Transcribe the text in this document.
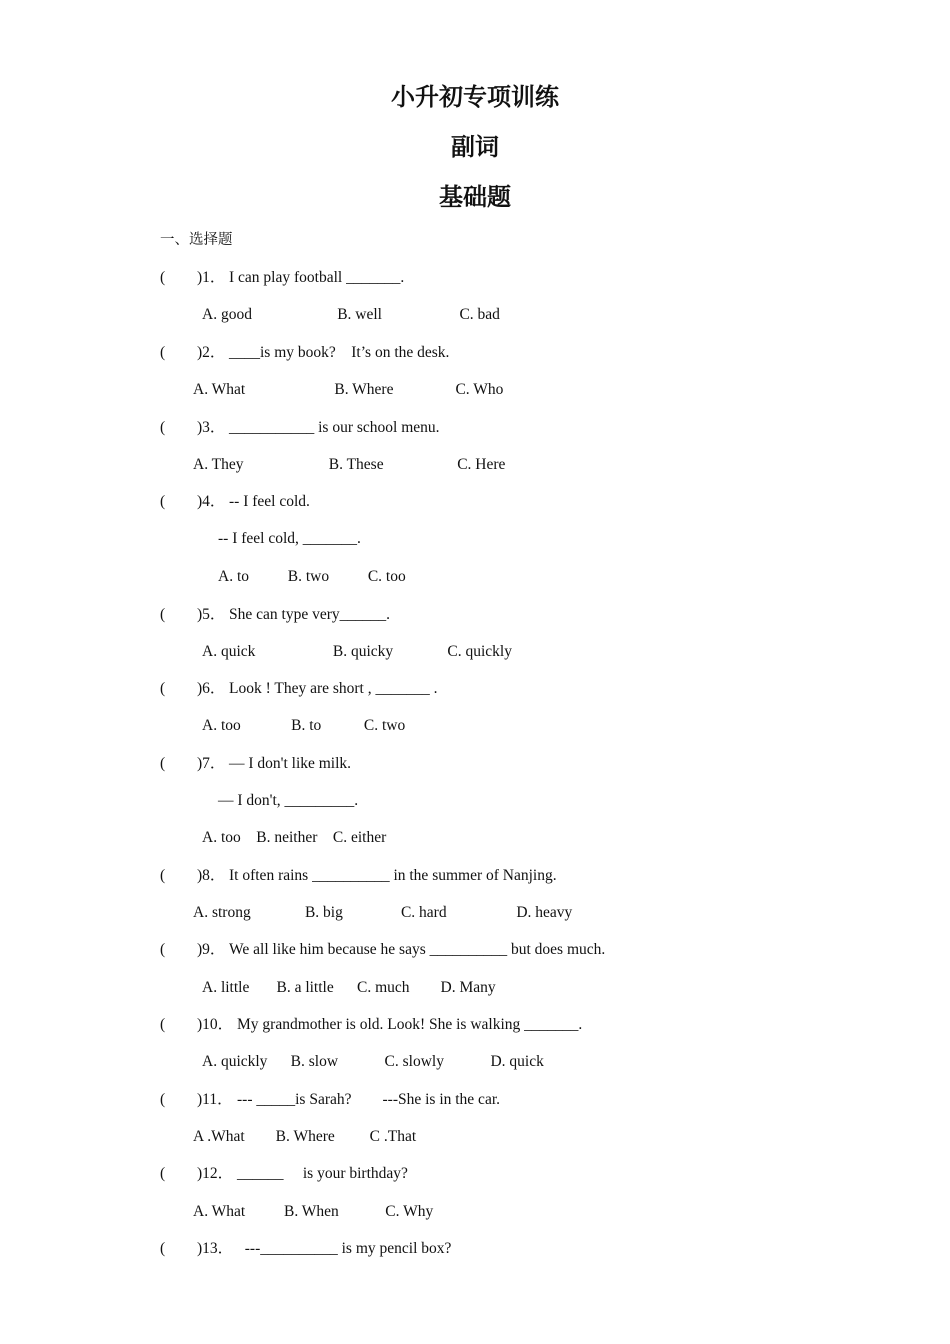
小升初专项训练
副词
基础题
一、选择题
( )1． I can play football _______.
A. good                      B. well                    C. bad
( )2． ____is my book?    It’s on the desk.
A. What                       B. Where                C. Who
( )3． ___________ is our school menu.
A. They                      B. These                   C. Here
( )4． -- I feel cold.
-- I feel cold, _______.
A. to          B. two          C. too
( )5． She can type very______.
A. quick                    B. quicky              C. quickly
( )6． Look ! They are short , _______ .
A. too             B. to           C. two
( )7． — I don't like milk.
— I don't, _________.
A. too    B. neither    C. either
( )8． It often rains __________ in the summer of Nanjing.
A. strong              B. big               C. hard                  D. heavy
( )9． We all like him because he says __________ but does much.
A. little       B. a little      C. much        D. Many
( )10． My grandmother is old. Look! She is walking _______.
A. quickly      B. slow            C. slowly            D. quick
( )11． --- _____is Sarah?        ---She is in the car.
A .What        B. Where         C .That
( )12． ______     is your birthday?
A. What          B. When            C. Why
( )13． ---__________ is my pencil box?
